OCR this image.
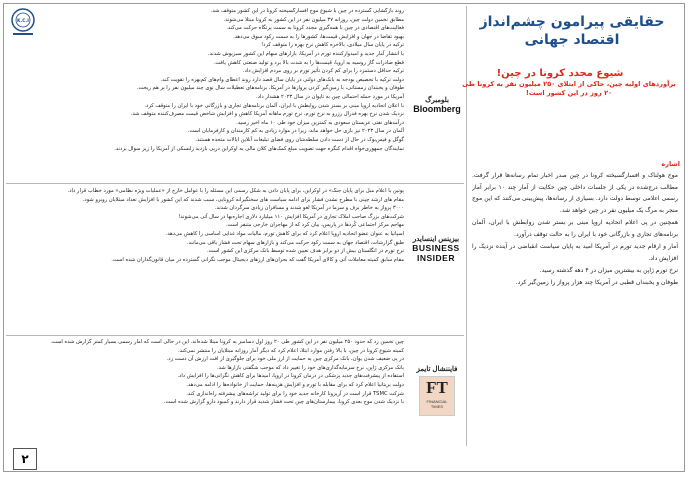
K.C.I	حقایقی پیرامون چشم‌انداز
اقتصاد جهانی
شیوع مجدد کرونا در چین!
برآوردهای اولیه چین، حاکی از ابتلای ۲۵۰ میلیون نفر به کرونا طی ۲۰ روز در این کشور است!
اشاره

موج هولناک و افسارگسیخته کرونا در چین صدر اخبار تمام رسانه‌ها قرار گرفت. مطالب درج‌شده در یکی از جلسات داخلی چین حکایت از آمار چند ۱۰ برابر آمار رسمی اعلامی توسط دولت دارد. بسیاری از رسانه‌ها، پیش‌بینی می‌کنند که این موج منجر به مرگ یک میلیون نفر در چین خواهد شد.

همچنین در پی اعلام اتحادیه اروپا مبنی بر بستر شدن روابطش با ایران، آلمان برنامه‌های تجاری و بازرگانی خود با ایران را به حالت توقف درآورد.

آمار و ارقام جدید تورم در آمریکا امید به پایان سیاست انقباضی در آینده نزدیک را افزایش داد.

نرخ تورم ژاپن به بیشترین میزان در ۴ دهه گذشته رسید.

طوفان و یخبندان قطبی در آمریکا چند هزار پرواز را زمین‌گیر کرد.

روند بازگشایی گسترده در چین با شیوع موج افسارگسیخته کرونا در این کشور متوقف شد.

مطابق تخمین دولت چین، روزانه ۳۷ میلیون نفر در این کشور به کرونا مبتلا می‌شوند.

فعالیت‌های اقتصادی در چین با همه‌گیری مجدد کرونا به سمت پرتگاه حرکت می‌کند.

بهبود تقاضا در جهان و افزایش قیمت‌ها، کشورها را به سمت رکود سوق می‌دهد.

ترکیه در پایان سال میلادی، بالاخره کاهش نرخ بهره را متوقف کرد!

با انتشار آمار جدید و امیدوارکننده تورم در آمریکا، بازارهای سهام این کشور سبزپوش شدند.

قطع صادرات گاز روسیه به اروپا، قیمت‌ها را به شدت بالا برد و تولید صنعتی کاهش یافت.

ترکیه حداقل دستمزد را برای کم کردن تأثیر تورم بر روی مردم افزایش داد.

دولت ترکیه با تخصیص بودجه به بانک‌های دولتی در پایان سال قصد دارد روند اعطای وام‌های کم‌بهره را تقویت کند.

طوفان و یخبندان زمستانی، با زمین‌گیر کردن پروازها در آمریکا، برنامه‌های تعطیلات سال نوی چند میلیون نفر را بر هم ریخت.

آمریکا در مورد حمله احتمالی چین به تایوان در سال ۲۰۲۳ هشدار داد.

با اعلان اتحادیه اروپا مبنی بر بستر شدن روابطش با ایران، آلمان برنامه‌های تجاری و بازرگانی خود با ایران را متوقف کرد.

نزدیک شدن نرخ بهره فدرال رزرو به نرخ تورم، نرخ تورم ماهانه آمریکا کاهش و افزایش شاخص قیمت مصرف‌کننده متوقف شد.

درآمدهای نفتی عربستان سعودی به کمترین میزان خود طی ۱۰ ماه اخیر رسید.

آلمان در سال ۲۰۲۳ نیز بازی حل خواهد ماند، زیرا در موارد زیادی به کم کارمندان و کارفرمایان است.

گوگل و فیس‌بوک در حال از دست دادن سلطه‌شان روی فضای تبلیغات آنلاین ایالات متحده هستند.

نمایندگان جمهوری‌خواه اقدام کنگره جهت تصویب مبلغ کمک‌های کلان مالی به اوکراین درپی بازدید زلنسکی از آمریکا را زیر سوال بردند.

بلومبرگ
Bloomberg

پوتین با اعلام مبل برای پایان جنگ» در اوکراین، برای پایان دادن به شکل رسمی این مسئله را با عوامل خارج از «عملیات ویژه نظامی» مورد خطاب قرار داد.

مقام های ارشد چینی با مطرح نشدن فشار برای ادامه سیاست های سختگیرانه کرونایی، سبب شدند که این کشور با افزایش تعداد مبتلایان روبرو شود.

۳۰۰۰ پرواز به خاطر برف و سرما در آمریکا لغو شدند و مسافران زیادی سرگردان شدند.

شرکت‌های بزرگ صاحب املاک تجاری در آمریکا افزایش ۱۱۰ میلیارد دلاری اجاره‌بها در سال آتی می‌شوند!

مهاجم مرکز اجتماعی کُردها در پاریس، بیان کرد که از مهاجران خارجی متنفر است.

اسپانیا به عنوان عضو اتحادیه اروپا اعلام کرد که برای کاهش تورم، مالیات مواد غذایی اساسی را کاهش می‌دهد.

طبق گزارشات، اقتصاد جهان به سمت رکود حرکت می‌کند و بازارهای سهام تحت فشار باقی می‌مانند.

نرخ تورم در انگلستان بیش از دو برابر هدف تعیین شده توسط بانک مرکزی این کشور است.

مقام سابق کمیته معاملات آتی و کالای آمریکا گفت که بحران‌های ارزهای دیجیتال موجب نگرانی گسترده در میان قانون‌گذاران شده است.

بیزینس اینسایدر
BUSINESS
INSIDER

چین تخمین زد که حدود ۲۵۰ میلیون نفر در این کشور طی ۲۰ روز اول دسامبر به کرونا مبتلا شده‌اند. این در حالی است که آمار رسمی بسیار کمتر گزارش شده است.

کمیته شیوع کرونا در چین، با بالا رفتن موارد ابتلا، اعلام کرد که دیگر آمار روزانه مبتلایان را منتشر نمی‌کند.

در پی ضعیف شدن یوان، بانک مرکزی چین به حمایت از ارز ملی خود برای جلوگیری از افت ارزش آن دست زد.

بانک مرکزی ژاپن، نرخ سرمایه‌گذاری‌های خود را تغییر داد که موجب شگفتی بازارها شد.

استفاده از پیشرفت‌های جدید پزشکی در درمان کرونا در اروپا، امیدها برای کاهش نگرانی‌ها را افزایش داد.

دولت بریتانیا اعلام کرد که برای مقابله با تورم و افزایش هزینه‌ها، حمایت از خانواده‌ها را ادامه می‌دهد.

شرکت TSMC قرار است در آریزونا کارخانه جدید خود را برای تولید تراشه‌های پیشرفته راه‌اندازی کند.

با نزدیک شدن موج بعدی کرونا، بیمارستان‌های چین تحت فشار شدید قرار دارند و کمبود دارو گزارش شده است.

فایننشال تایمز
FT
FINANCIAL
TIMES
۲
